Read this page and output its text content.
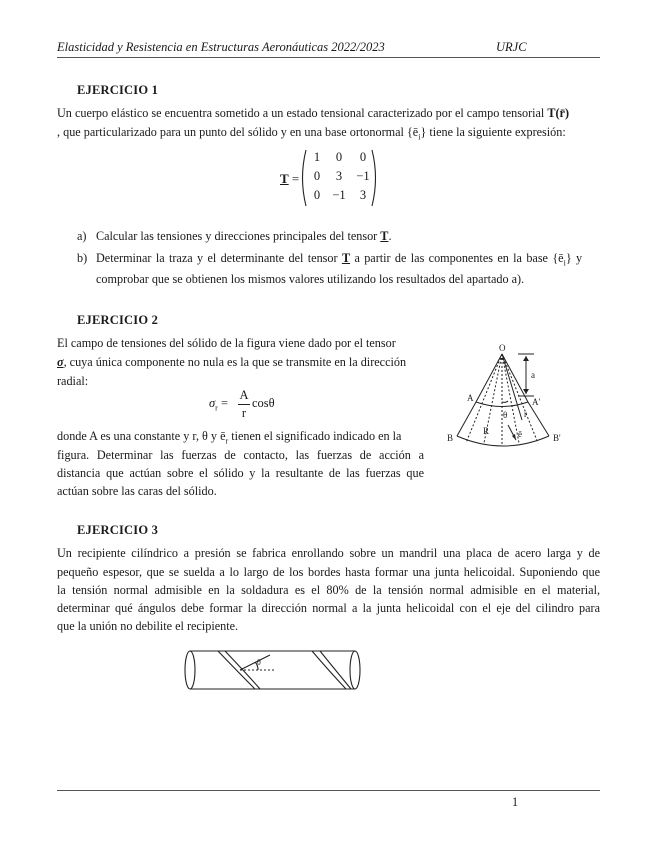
Elasticidad y Resistencia en Estructuras Aeronáuticas 2022/2023	URJC
EJERCICIO 1
Un cuerpo elástico se encuentra sometido a un estado tensional caracterizado por el campo tensorial T(r̄)
, que particularizado para un punto del sólido y en una base ortonormal $\{ē_i\}$ tiene la siguiente expresión:
T =
1	0	0
0	3	−1
0 −1	3
a) Calcular las tensiones y direcciones principales del tensor T.
b) Determinar la traza y el determinante del tensor T a partir de las componentes en la base $\{ē_i\}$ y
comprobar que se obtienen los mismos valores utilizando los resultados del apartado a).
EJERCICIO 2
El campo de tensiones del sólido de la figura viene dado por el tensor
σ, cuya única componente no nula es la que se transmite en la dirección
radial:
$\sigma_r$ =
A
r
cosθ
donde A es una constante y r, θ y $ē_r$ tienen el significado indicado en la
figura. Determinar las fuerzas de contacto, las fuerzas de acción a
distancia que actúan sobre el sólido y la resultante de las fuerzas que
actúan sobre las caras del sólido.
O
a
A	A'
B	B'
R
r
θ
ē
EJERCICIO 3
Un recipiente cilíndrico a presión se fabrica enrollando sobre un mandril una placa de acero larga y de
pequeño espesor, que se suelda a lo largo de los bordes hasta formar una junta helicoidal. Suponiendo que
la tensión normal admisible en la soldadura es el 80% de la tensión normal admisible en el material,
determinar qué ángulos debe formar la dirección normal a la junta helicoidal con el eje del cilindro para
que la unión no debilite el recipiente.
θ
1
